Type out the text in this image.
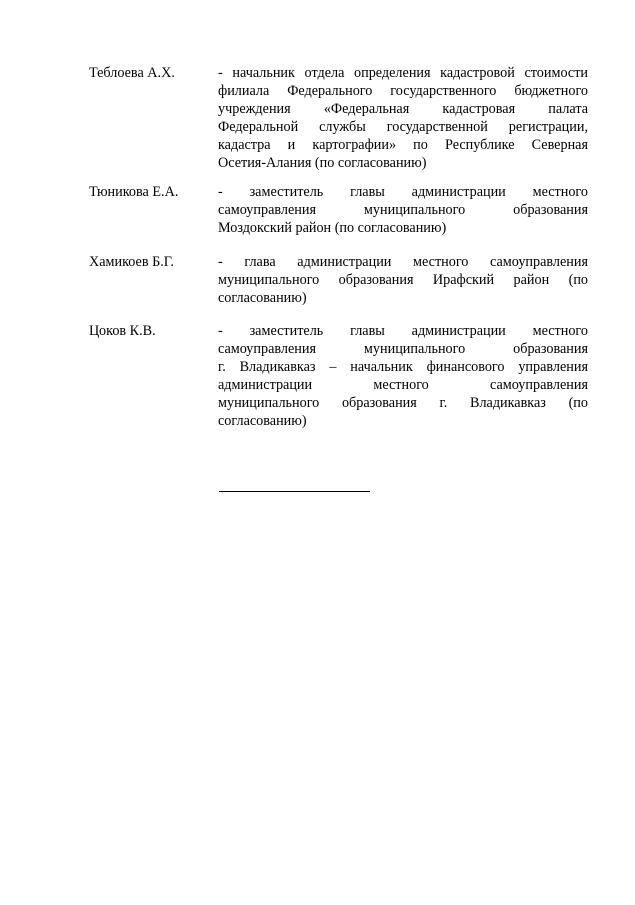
Теблоева А.Х.	- начальник отдела определения кадастровой стоимости
филиала Федерального государственного бюджетного
учреждения «Федеральная кадастровая палата
Федеральной службы государственной регистрации,
кадастра и картографии» по Республике Северная
Осетия-Алания (по согласованию)
Тюникова Е.А.	- заместитель главы администрации местного
самоуправления муниципального образования
Моздокский район (по согласованию)
Хамикоев Б.Г.	- глава администрации местного самоуправления
муниципального образования Ирафский район (по
согласованию)
Цоков К.В.	- заместитель главы администрации местного
самоуправления муниципального образования
г. Владикавказ – начальник финансового управления
администрации местного самоуправления
муниципального образования г. Владикавказ (по
согласованию)
